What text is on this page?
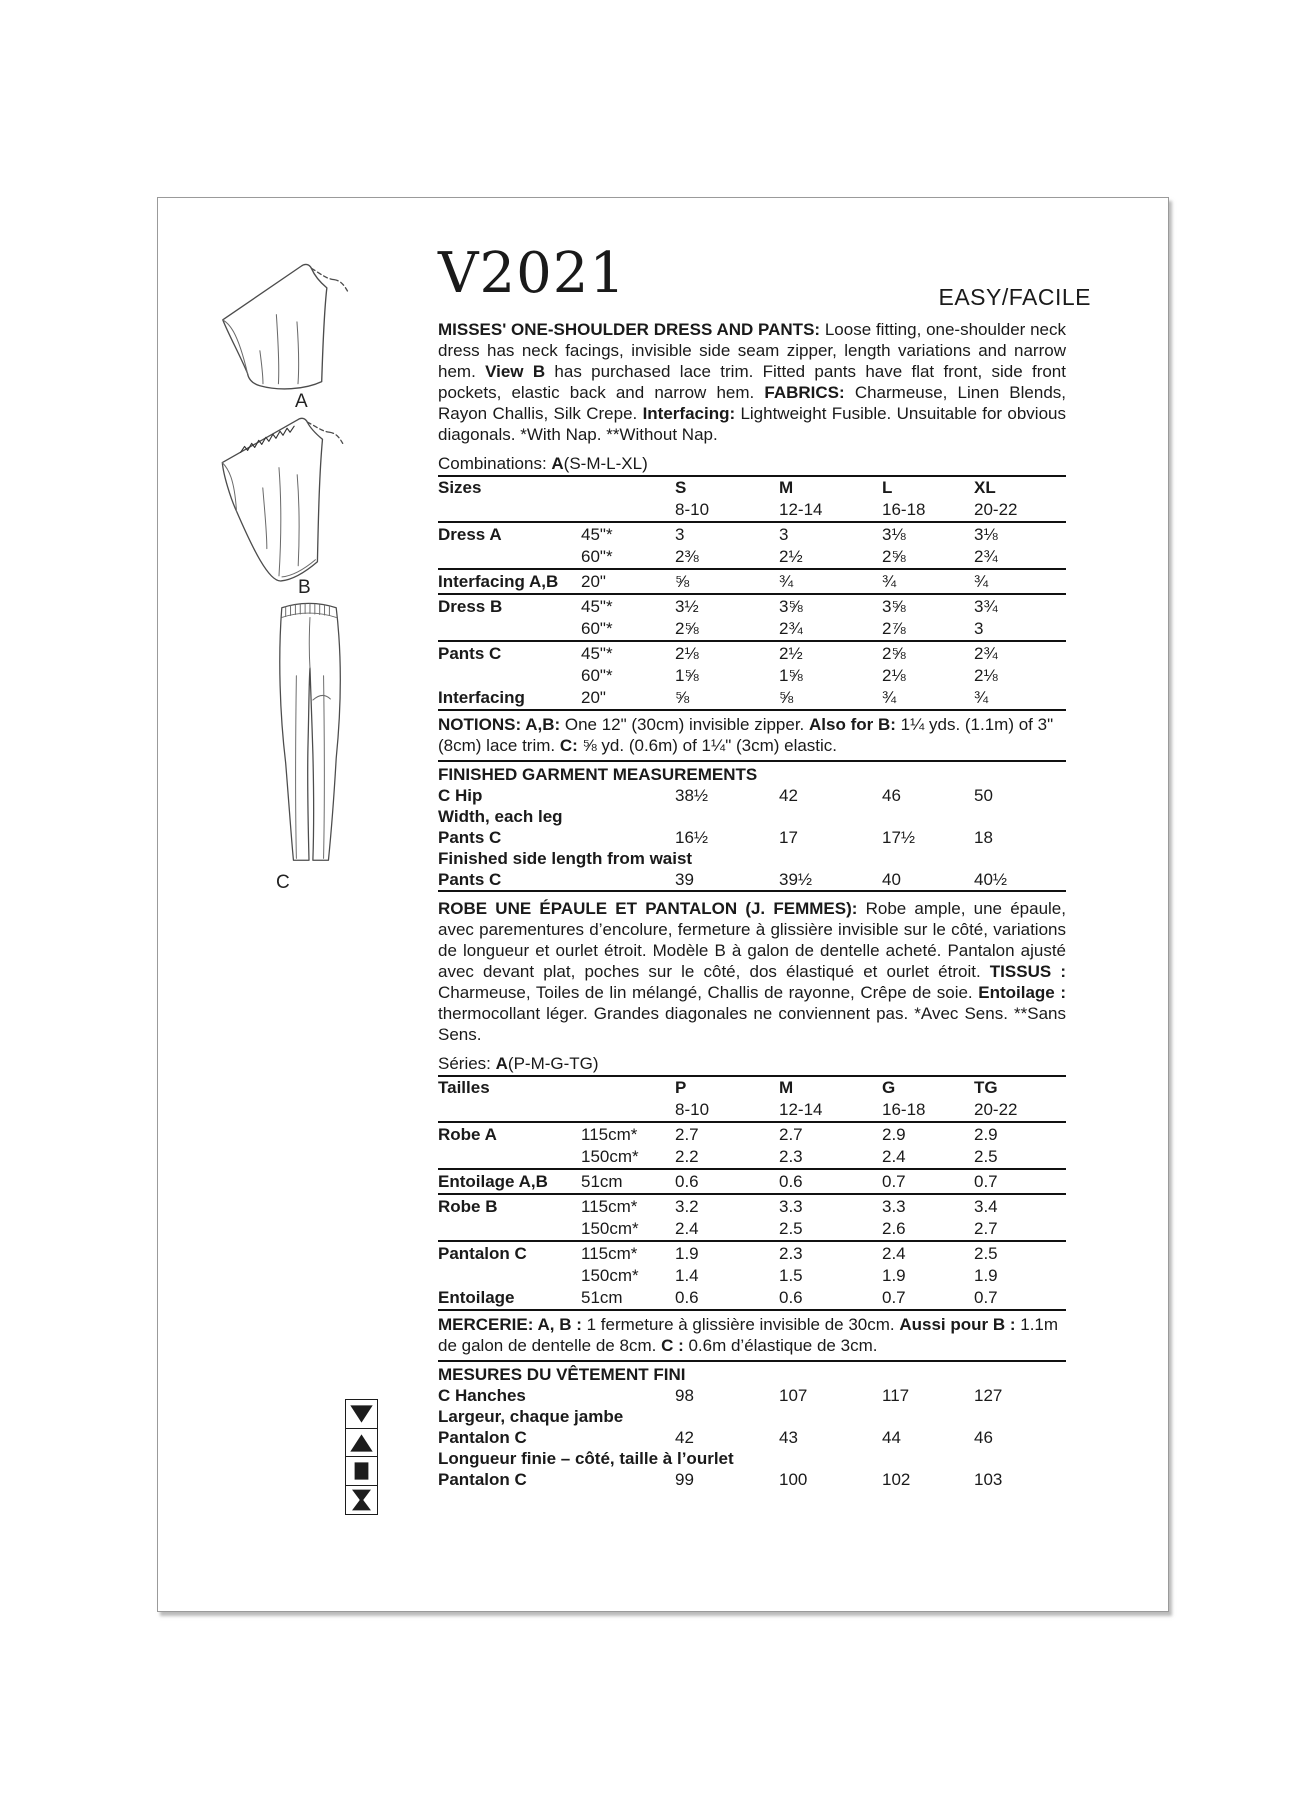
A
B
C
EASY/FACILE
V2021

MISSES' ONE-SHOULDER DRESS AND PANTS: Loose fitting, one-shoulder neck dress has neck facings, invisible side seam zipper, length variations and narrow hem. View B has purchased lace trim. Fitted pants have flat front, side front pockets, elastic back and narrow hem. FABRICS: Charmeuse, Linen Blends, Rayon Challis, Silk Crepe. Interfacing: Lightweight Fusible. Unsuitable for obvious diagonals. *With Nap. **Without Nap.

Combinations: A(S-M-L-XL)

Sizes		S	M	L	XL
		8-10	12-14	16-18	20-22
Dress A	45"*	3	3	3⅛	3⅛
	60"*	2⅜	2½	2⅝	2¾
Interfacing A,B	20"	⅝	¾	¾	¾
Dress B	45"*	3½	3⅝	3⅝	3¾
	60"*	2⅝	2¾	2⅞	3
Pants C	45"*	2⅛	2½	2⅝	2¾
	60"*	1⅝	1⅝	2⅛	2⅛
Interfacing	20"	⅝	⅝	¾	¾

NOTIONS: A,B: One 12" (30cm) invisible zipper. Also for B: 1¼ yds. (1.1m) of 3" (8cm) lace trim. C: ⅝ yd. (0.6m) of 1¼" (3cm) elastic.

FINISHED GARMENT MEASUREMENTS
C Hip	38½	42	46	50
Width, each leg				
Pants C	16½	17	17½	18
Finished side length from waist				
Pants C	39	39½	40	40½

ROBE UNE ÉPAULE ET PANTALON (J. FEMMES): Robe ample, une épaule, avec parementures d’encolure, fermeture à glissière invisible sur le côté, variations de longueur et ourlet étroit. Modèle B à galon de dentelle acheté. Pantalon ajusté avec devant plat, poches sur le côté, dos élastiqué et ourlet étroit. TISSUS : Charmeuse, Toiles de lin mélangé, Challis de rayonne, Crêpe de soie. Entoilage : thermocollant léger. Grandes diagonales ne conviennent pas. *Avec Sens. **Sans Sens.

Séries: A(P-M-G-TG)

Tailles		P	M	G	TG
		8-10	12-14	16-18	20-22
Robe A	115cm*	2.7	2.7	2.9	2.9
	150cm*	2.2	2.3	2.4	2.5
Entoilage A,B	51cm	0.6	0.6	0.7	0.7
Robe B	115cm*	3.2	3.3	3.3	3.4
	150cm*	2.4	2.5	2.6	2.7
Pantalon C	115cm*	1.9	2.3	2.4	2.5
	150cm*	1.4	1.5	1.9	1.9
Entoilage	51cm	0.6	0.6	0.7	0.7

MERCERIE: A, B : 1 fermeture à glissière invisible de 30cm. Aussi pour B : 1.1m de galon de dentelle de 8cm. C : 0.6m d’élastique de 3cm.

MESURES DU VÊTEMENT FINI
C Hanches	98	107	117	127
Largeur, chaque jambe				
Pantalon C	42	43	44	46
Longueur finie – côté, taille à l’ourlet				
Pantalon C	99	100	102	103
